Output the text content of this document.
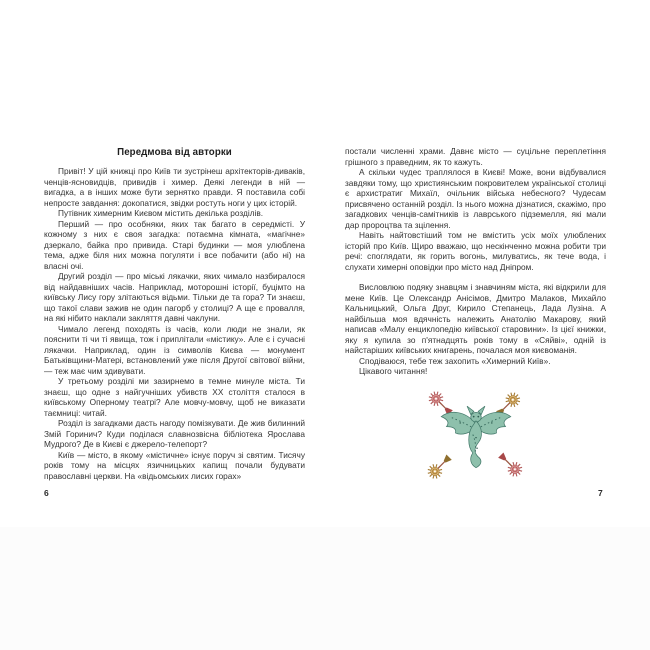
Передмова від авторки

Привіт! У цій книжці про Київ ти зустрінеш архітекторів-диваків, ченців-ясновидців, привидів і химер. Деякі легенди в ній — вигадка, а в інших може бути зернятко правди. Я поставила собі непросте завдання: докопатися, звідки ростуть ноги у цих історій.

Путівник химерним Києвом містить декілька розділів.

Перший — про особняки, яких так багато в середмісті. У кожному з них є своя загадка: потаємна кімната, «магічне» дзеркало, байка про привида. Старі будинки — моя улюблена тема, адже біля них можна погуляти і все побачити (або ні) на власні очі.

Другий розділ — про міські лякачки, яких чимало назбиралося від найдавніших часів. Наприклад, моторошні історії, буцімто на київську Лису гору злітаються відьми. Тільки де та гора? Ти знаєш, що такої слави зажив не один пагорб у столиці? А ще є провалля, на які нібито наклали закляття давні чаклуни.

Чимало легенд походять із часів, коли люди не знали, як пояснити ті чи ті явища, тож і приплітали «містику». Але є і сучасні лякачки. Наприклад, один із символів Києва — монумент Батьківщини-Матері, встановлений уже після Другої світової війни, — теж має чим здивувати.

У третьому розділі ми зазирнемо в темне минуле міста. Ти знаєш, що одне з найгучніших убивств XX століття сталося в київському Оперному театрі? Але мовчу-мовчу, щоб не виказати таємниці: читай.

Розділ із загадками дасть нагоду помізкувати. Де жив билинний Змій Горинич? Куди поділася славнозвісна бібліотека Ярослава Мудрого? Де в Києві є джерело-телепорт?

Київ — місто, в якому «містичне» існує поруч зі святим. Тисячу років тому на місцях язичницьких капищ почали будувати православні церкви. На «відьомських лисих горах»

постали численні храми. Давнє місто — суцільне переплетіння грішного з праведним, як то кажуть.

А скільки чудес траплялося в Києві! Може, вони відбувалися завдяки тому, що християнським покровителем української столиці є архистратиг Михаїл, очільник війська небесного? Чудесам присвячено останній розділ. Із нього можна дізнатися, скажімо, про загадкових ченців-самітників із лаврського підземелля, які мали дар пророцтва та зцілення.

Навіть найтовстіший том не вмістить усіх моїх улюблених історій про Київ. Щиро вважаю, що нескінченно можна робити три речі: споглядати, як горить вогонь, милуватись, як тече вода, і слухати химерні оповідки про місто над Дніпром.

Висловлюю подяку знавцям і знавчиням міста, які відкрили для мене Київ. Це Олександр Анісімов, Дмитро Малаков, Михайло Кальницький, Ольга Друг, Кирило Степанець, Лада Лузіна. А найбільша моя вдячність належить Анатолію Макарову, який написав «Малу енциклопедію київської старовини». Із цієї книжки, яку я купила зо п'ятнадцять років тому в «Сяйві», одній із найстаріших київських книгарень, почалася моя києвоманія.

Сподіваюся, тебе теж захопить «Химерний Київ».

Цікавого читання!

6	7
